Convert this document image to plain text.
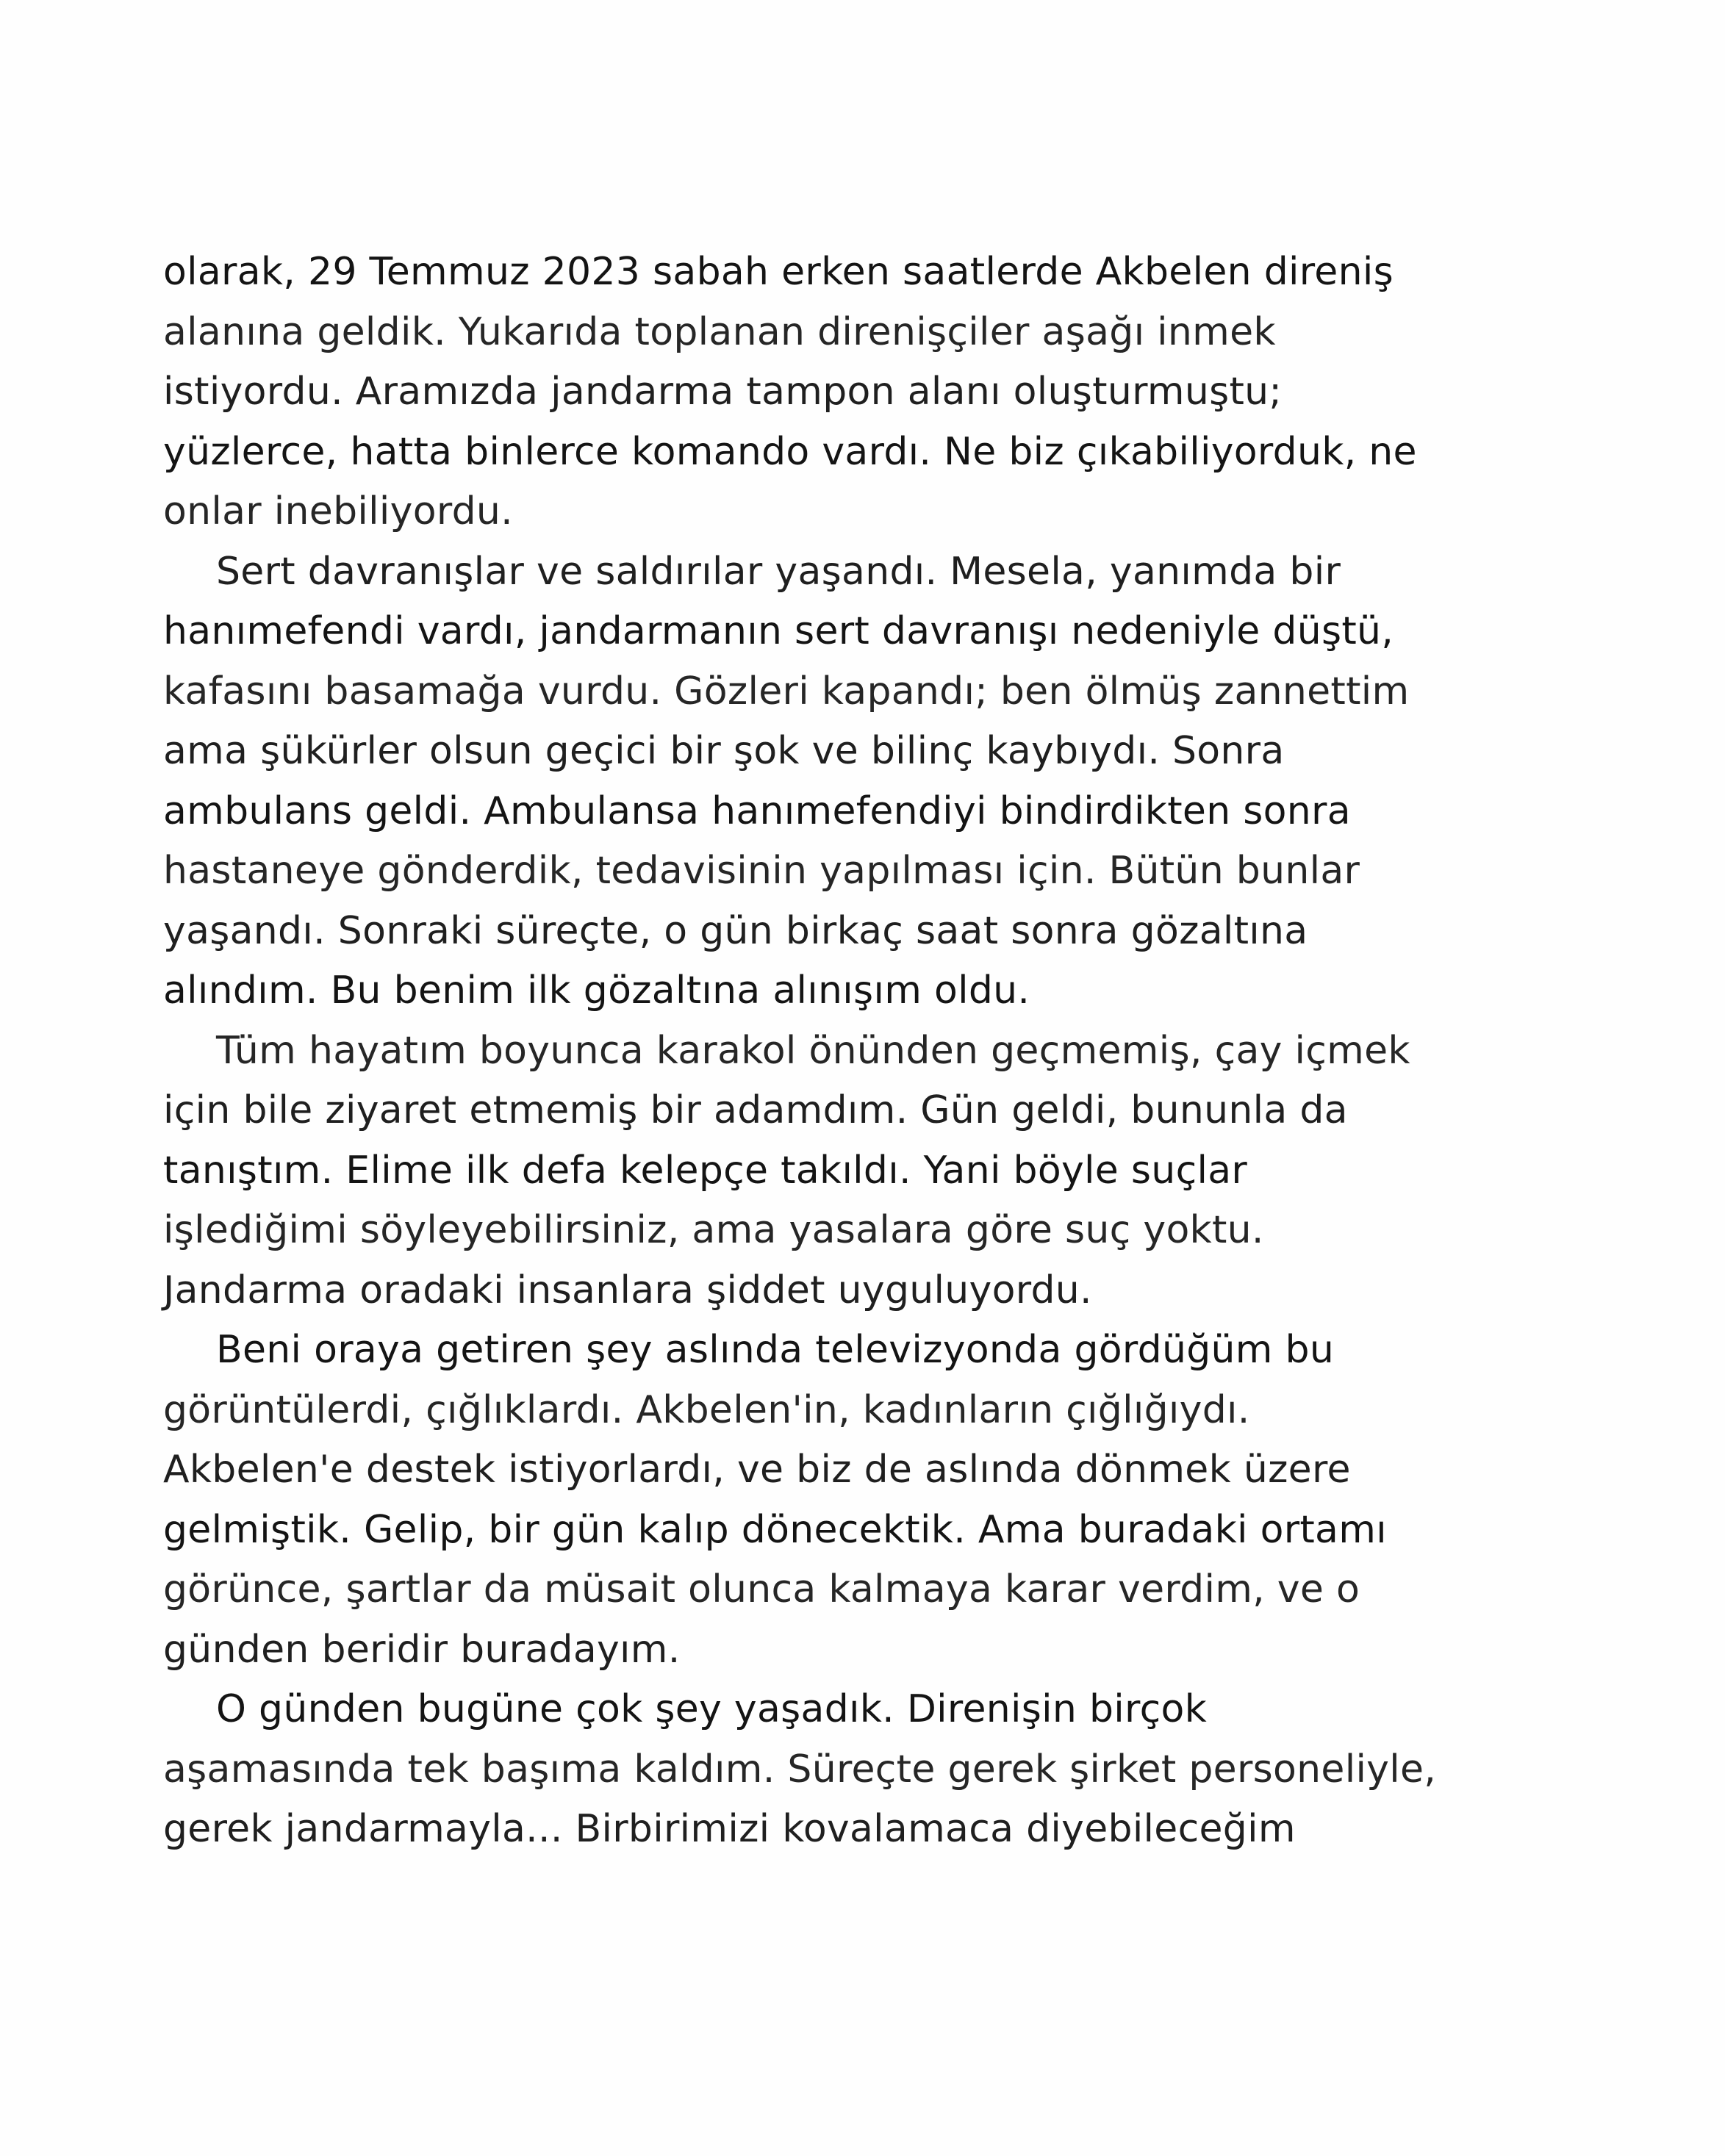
olarak, 29 Temmuz 2023 sabah erken saatlerde Akbelen direniş
alanına geldik. Yukarıda toplanan direnişçiler aşağı inmek
istiyordu. Aramızda jandarma tampon alanı oluşturmuştu;
yüzlerce, hatta binlerce komando vardı. Ne biz çıkabiliyorduk, ne
onlar inebiliyordu.
Sert davranışlar ve saldırılar yaşandı. Mesela, yanımda bir
hanımefendi vardı, jandarmanın sert davranışı nedeniyle düştü,
kafasını basamağa vurdu. Gözleri kapandı; ben ölmüş zannettim
ama şükürler olsun geçici bir şok ve bilinç kaybıydı. Sonra
ambulans geldi. Ambulansa hanımefendiyi bindirdikten sonra
hastaneye gönderdik, tedavisinin yapılması için. Bütün bunlar
yaşandı. Sonraki süreçte, o gün birkaç saat sonra gözaltına
alındım. Bu benim ilk gözaltına alınışım oldu.
Tüm hayatım boyunca karakol önünden geçmemiş, çay içmek
için bile ziyaret etmemiş bir adamdım. Gün geldi, bununla da
tanıştım. Elime ilk defa kelepçe takıldı. Yani böyle suçlar
işlediğimi söyleyebilirsiniz, ama yasalara göre suç yoktu.
Jandarma oradaki insanlara şiddet uyguluyordu.
Beni oraya getiren şey aslında televizyonda gördüğüm bu
görüntülerdi, çığlıklardı. Akbelen'in, kadınların çığlığıydı.
Akbelen'e destek istiyorlardı, ve biz de aslında dönmek üzere
gelmiştik. Gelip, bir gün kalıp dönecektik. Ama buradaki ortamı
görünce, şartlar da müsait olunca kalmaya karar verdim, ve o
günden beridir buradayım.
O günden bugüne çok şey yaşadık. Direnişin birçok
aşamasında tek başıma kaldım. Süreçte gerek şirket personeliyle,
gerek jandarmayla... Birbirimizi kovalamaca diyebileceğim
